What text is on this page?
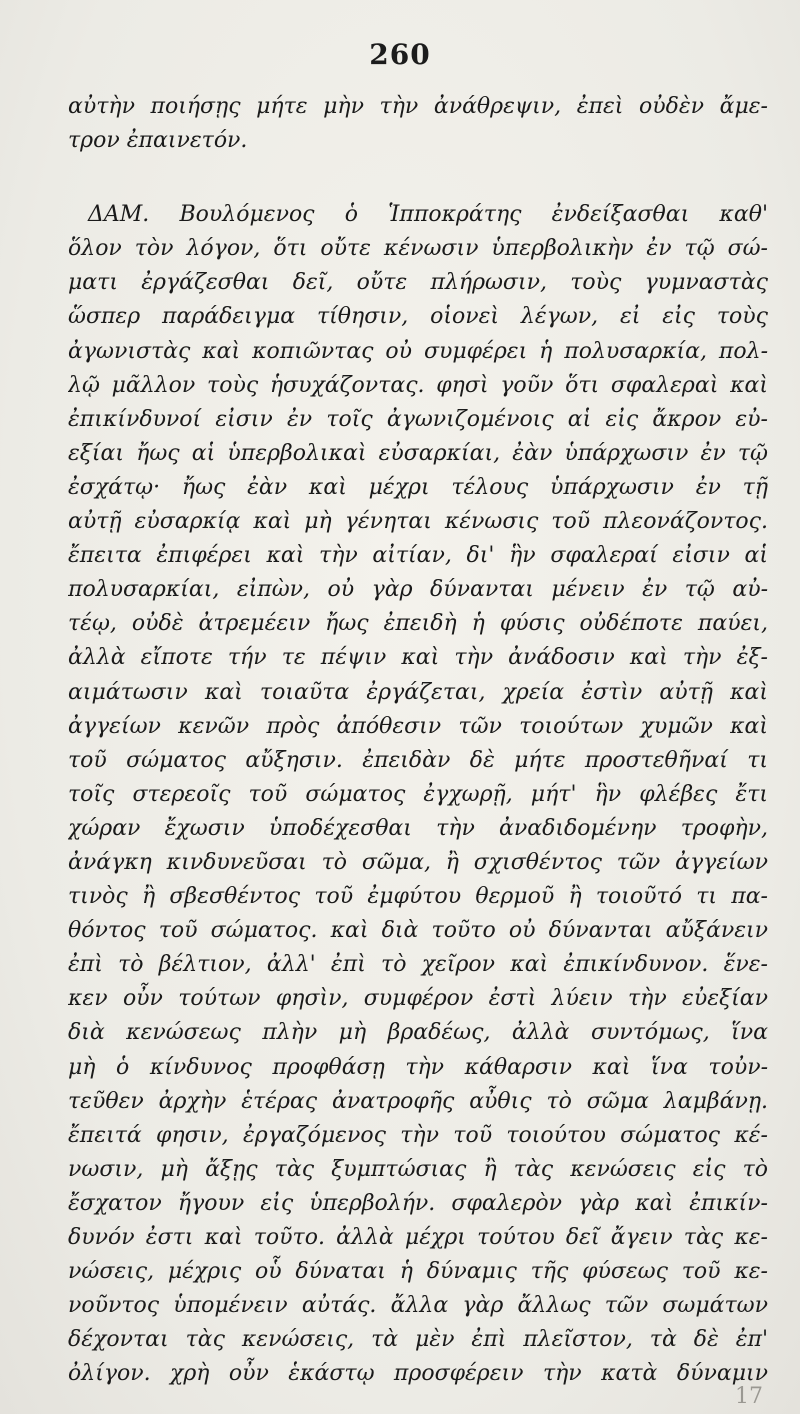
260
αὐτὴν ποιήσῃς μήτε μὴν τὴν ἀνάθρεψιν, ἐπεὶ οὐδὲν ἄμε-
τρον ἐπαινετόν.
ΔΑΜ. Βουλόμενος ὁ Ἱπποκράτης ἐνδείξασθαι καθ'
ὅλον τὸν λόγον, ὅτι οὔτε κένωσιν ὑπερβολικὴν ἐν τῷ σώ-
ματι ἐργάζεσθαι δεῖ, οὔτε πλήρωσιν, τοὺς γυμναστὰς
ὥσπερ παράδειγμα τίθησιν, οἱονεὶ λέγων, εἰ εἰς τοὺς
ἀγωνιστὰς καὶ κοπιῶντας οὐ συμφέρει ἡ πολυσαρκία, πολ-
λῷ μᾶλλον τοὺς ἡσυχάζοντας. φησὶ γοῦν ὅτι σφαλεραὶ καὶ
ἐπικίνδυνοί εἰσιν ἐν τοῖς ἀγωνιζομένοις αἱ εἰς ἄκρον εὐ-
εξίαι ἤως αἱ ὑπερβολικαὶ εὐσαρκίαι, ἐὰν ὑπάρχωσιν ἐν τῷ
ἐσχάτῳ· ἤως ἐὰν καὶ μέχρι τέλους ὑπάρχωσιν ἐν τῇ
αὐτῇ εὐσαρκίᾳ καὶ μὴ γένηται κένωσις τοῦ πλεονάζοντος.
ἔπειτα ἐπιφέρει καὶ τὴν αἰτίαν, δι' ἣν σφαλεραί εἰσιν αἱ
πολυσαρκίαι, εἰπὼν, οὐ γὰρ δύνανται μένειν ἐν τῷ αὐ-
τέῳ, οὐδὲ ἀτρεμέειν ἤως ἐπειδὴ ἡ φύσις οὐδέποτε παύει,
ἀλλὰ εἴποτε τήν τε πέψιν καὶ τὴν ἀνάδοσιν καὶ τὴν ἐξ-
αιμάτωσιν καὶ τοιαῦτα ἐργάζεται, χρεία ἐστὶν αὐτῇ καὶ
ἀγγείων κενῶν πρὸς ἀπόθεσιν τῶν τοιούτων χυμῶν καὶ
τοῦ σώματος αὔξησιν. ἐπειδὰν δὲ μήτε προστεθῆναί τι
τοῖς στερεοῖς τοῦ σώματος ἐγχωρῇ, μήτ' ἣν φλέβες ἔτι
χώραν ἔχωσιν ὑποδέχεσθαι τὴν ἀναδιδομένην τροφὴν,
ἀνάγκη κινδυνεῦσαι τὸ σῶμα, ἢ σχισθέντος τῶν ἀγγείων
τινὸς ἢ σβεσθέντος τοῦ ἐμφύτου θερμοῦ ἢ τοιοῦτό τι πα-
θόντος τοῦ σώματος. καὶ διὰ τοῦτο οὐ δύνανται αὔξάνειν
ἐπὶ τὸ βέλτιον, ἀλλ' ἐπὶ τὸ χεῖρον καὶ ἐπικίνδυνον. ἕνε-
κεν οὖν τούτων φησὶν, συμφέρον ἐστὶ λύειν τὴν εὐεξίαν
διὰ κενώσεως πλὴν μὴ βραδέως, ἀλλὰ συντόμως, ἵνα
μὴ ὁ κίνδυνος προφθάσῃ τὴν κάθαρσιν καὶ ἵνα τοὐν-
τεῦθεν ἀρχὴν ἑτέρας ἀνατροφῆς αὖθις τὸ σῶμα λαμβάνῃ.
ἔπειτά φησιν, ἐργαζόμενος τὴν τοῦ τοιούτου σώματος κέ-
νωσιν, μὴ ἄξῃς τὰς ξυμπτώσιας ἢ τὰς κενώσεις εἰς τὸ
ἔσχατον ἤγουν εἰς ὑπερβολήν. σφαλερὸν γὰρ καὶ ἐπικίν-
δυνόν ἐστι καὶ τοῦτο. ἀλλὰ μέχρι τούτου δεῖ ἄγειν τὰς κε-
νώσεις, μέχρις οὗ δύναται ἡ δύναμις τῆς φύσεως τοῦ κε-
νοῦντος ὑπομένειν αὐτάς. ἄλλα γὰρ ἄλλως τῶν σωμάτων
δέχονται τὰς κενώσεις, τὰ μὲν ἐπὶ πλεῖστον, τὰ δὲ ἐπ'
ὀλίγον. χρὴ οὖν ἑκάστῳ προσφέρειν τὴν κατὰ δύναμιν
17
